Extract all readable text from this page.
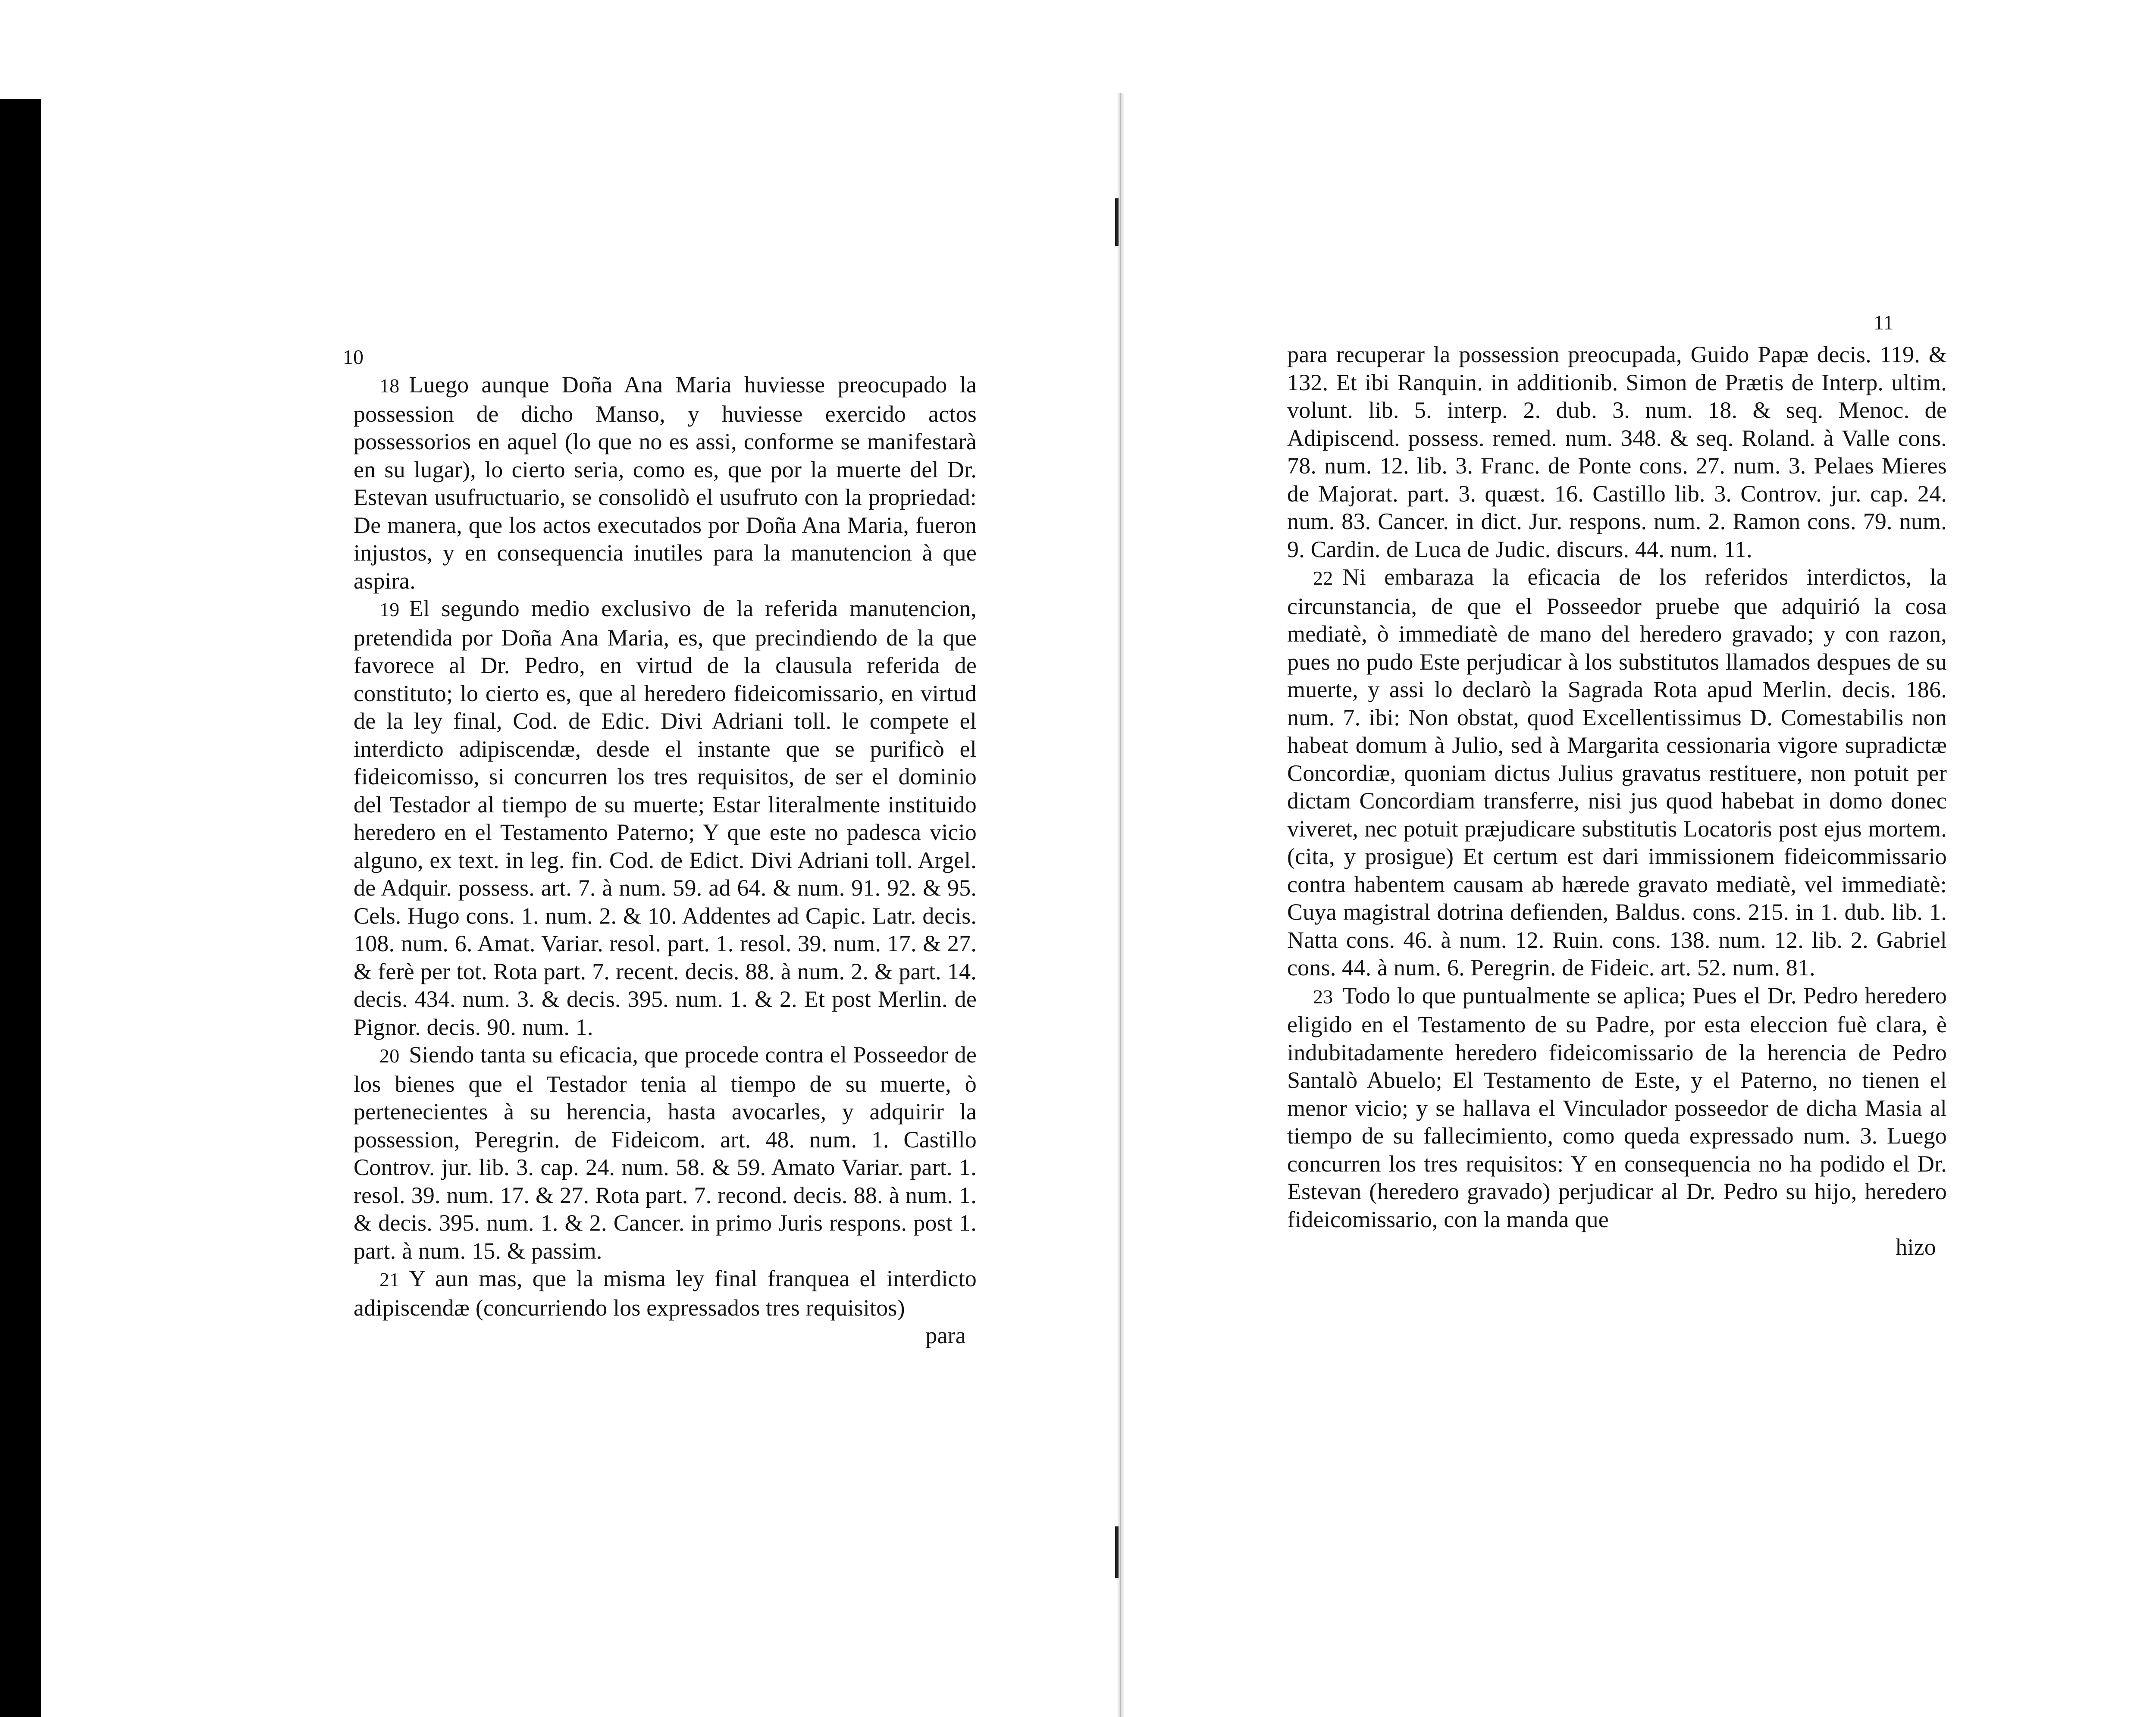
10

18 Luego aunque Doña Ana Maria huviesse preocupado la possession de dicho Manso, y huviesse exercido actos possessorios en aquel (lo que no es assi, conforme se manifestarà en su lugar), lo cierto seria, como es, que por la muerte del Dr. Estevan usufructuario, se consolidò el usufruto con la propriedad: De manera, que los actos executados por Doña Ana Maria, fueron injustos, y en consequencia inutiles para la manutencion à que aspira.

19 El segundo medio exclusivo de la referida manutencion, pretendida por Doña Ana Maria, es, que precindiendo de la que favorece al Dr. Pedro, en virtud de la clausula referida de constituto; lo cierto es, que al heredero fideicomissario, en virtud de la ley final, Cod. de Edic. Divi Adriani toll. le compete el interdicto adipiscendæ, desde el instante que se purificò el fideicomisso, si concurren los tres requisitos, de ser el dominio del Testador al tiempo de su muerte; Estar literalmente instituido heredero en el Testamento Paterno; Y que este no padesca vicio alguno, ex text. in leg. fin. Cod. de Edict. Divi Adriani toll. Argel. de Adquir. possess. art. 7. à num. 59. ad 64. & num. 91. 92. & 95. Cels. Hugo cons. 1. num. 2. & 10. Addentes ad Capic. Latr. decis. 108. num. 6. Amat. Variar. resol. part. 1. resol. 39. num. 17. & 27. & ferè per tot. Rota part. 7. recent. decis. 88. à num. 2. & part. 14. decis. 434. num. 3. & decis. 395. num. 1. & 2. Et post Merlin. de Pignor. decis. 90. num. 1.

20 Siendo tanta su eficacia, que procede contra el Posseedor de los bienes que el Testador tenia al tiempo de su muerte, ò pertenecientes à su herencia, hasta avocarles, y adquirir la possession, Peregrin. de Fideicom. art. 48. num. 1. Castillo Controv. jur. lib. 3. cap. 24. num. 58. & 59. Amato Variar. part. 1. resol. 39. num. 17. & 27. Rota part. 7. recond. decis. 88. à num. 1. & decis. 395. num. 1. & 2. Cancer. in primo Juris respons. post 1. part. à num. 15. & passim.

21 Y aun mas, que la misma ley final franquea el interdicto adipiscendæ (concurriendo los expressados tres requisitos)

para

11

para recuperar la possession preocupada, Guido Papæ decis. 119. & 132. Et ibi Ranquin. in additionib. Simon de Prætis de Interp. ultim. volunt. lib. 5. interp. 2. dub. 3. num. 18. & seq. Menoc. de Adipiscend. possess. remed. num. 348. & seq. Roland. à Valle cons. 78. num. 12. lib. 3. Franc. de Ponte cons. 27. num. 3. Pelaes Mieres de Majorat. part. 3. quæst. 16. Castillo lib. 3. Controv. jur. cap. 24. num. 83. Cancer. in dict. Jur. respons. num. 2. Ramon cons. 79. num. 9. Cardin. de Luca de Judic. discurs. 44. num. 11.

22 Ni embaraza la eficacia de los referidos interdictos, la circunstancia, de que el Posseedor pruebe que adquirió la cosa mediatè, ò immediatè de mano del heredero gravado; y con razon, pues no pudo Este perjudicar à los substitutos llamados despues de su muerte, y assi lo declarò la Sagrada Rota apud Merlin. decis. 186. num. 7. ibi: Non obstat, quod Excellentissimus D. Comestabilis non habeat domum à Julio, sed à Margarita cessionaria vigore supradictæ Concordiæ, quoniam dictus Julius gravatus restituere, non potuit per dictam Concordiam transferre, nisi jus quod habebat in domo donec viveret, nec potuit præjudicare substitutis Locatoris post ejus mortem. (cita, y prosigue) Et certum est dari immissionem fideicommissario contra habentem causam ab hærede gravato mediatè, vel immediatè: Cuya magistral dotrina defienden, Baldus. cons. 215. in 1. dub. lib. 1. Natta cons. 46. à num. 12. Ruin. cons. 138. num. 12. lib. 2. Gabriel cons. 44. à num. 6. Peregrin. de Fideic. art. 52. num. 81.

23 Todo lo que puntualmente se aplica; Pues el Dr. Pedro heredero eligido en el Testamento de su Padre, por esta eleccion fuè clara, è indubitadamente heredero fideicomissario de la herencia de Pedro Santalò Abuelo; El Testamento de Este, y el Paterno, no tienen el menor vicio; y se hallava el Vinculador posseedor de dicha Masia al tiempo de su fallecimiento, como queda expressado num. 3. Luego concurren los tres requisitos: Y en consequencia no ha podido el Dr. Estevan (heredero gravado) perjudicar al Dr. Pedro su hijo, heredero fideicomissario, con la manda que

hizo
